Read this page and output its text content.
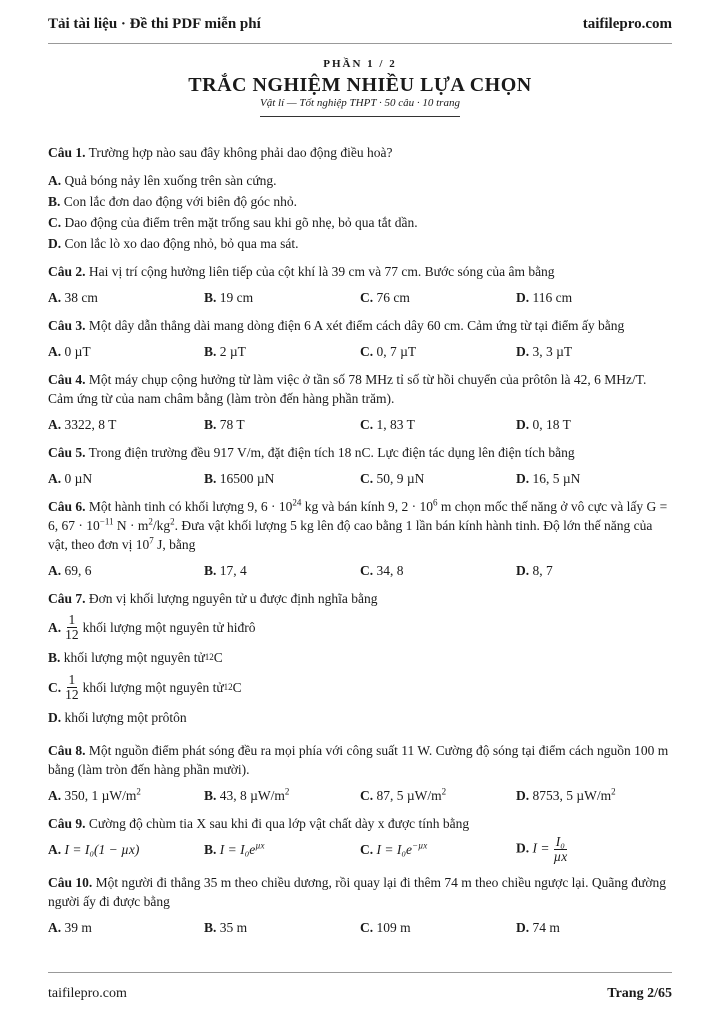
Tải tài liệu · Đề thi PDF miễn phí	taifilepro.com
PHẦN 1 / 2
TRẮC NGHIỆM NHIỀU LỰA CHỌN
Vật lí — Tốt nghiệp THPT · 50 câu · 10 trang

Câu 1. Trường hợp nào sau đây không phải dao động điều hoà?

A. Quả bóng nảy lên xuống trên sàn cứng.

B. Con lắc đơn dao động với biên độ góc nhỏ.

C. Dao động của điểm trên mặt trống sau khi gõ nhẹ, bỏ qua tắt dần.

D. Con lắc lò xo dao động nhỏ, bỏ qua ma sát.

Câu 2. Hai vị trí cộng hưởng liên tiếp của cột khí là 39 cm và 77 cm. Bước sóng của âm bằng

A. 38 cm	B. 19 cm	C. 76 cm	D. 116 cm

Câu 3. Một dây dẫn thẳng dài mang dòng điện 6 A xét điểm cách dây 60 cm. Cảm ứng từ tại điểm ấy bằng

A. 0 µT	B. 2 µT	C. 0, 7 µT	D. 3, 3 µT

Câu 4. Một máy chụp cộng hưởng từ làm việc ở tần số 78 MHz tỉ số từ hồi chuyển của prôtôn là 42, 6 MHz/T. Cảm ứng từ của nam châm bằng (làm tròn đến hàng phần trăm).

A. 3322, 8 T	B. 78 T	C. 1, 83 T	D. 0, 18 T

Câu 5. Trong điện trường đều 917 V/m, đặt điện tích 18 nC. Lực điện tác dụng lên điện tích bằng

A. 0 µN	B. 16500 µN	C. 50, 9 µN	D. 16, 5 µN

Câu 6. Một hành tinh có khối lượng 9, $6 \cdot 10^{24}$ kg và bán kính 9, $2 \cdot 10^6$ m chọn mốc thế năng ở vô cực và lấy G = 6, $67 \cdot 10^{-11}$ $N \cdot m^2/kg^2$. Đưa vật khối lượng 5 kg lên độ cao bằng 1 lần bán kính hành tinh. Độ lớn thế năng của vật, theo đơn vị $10^7$ J, bằng

A. 69, 6	B. 17, 4	C. 34, 8	D. 8, 7

Câu 7. Đơn vị khối lượng nguyên tử u được định nghĩa bằng

A. $\frac{1}{12}$ khối lượng một nguyên tử hiđrô
B.
khối lượng một nguyên tử 12 C
C. $\frac{1}{12}$ khối lượng một nguyên tử 12 C
D.
khối lượng một prôtôn

Câu 8. Một nguồn điểm phát sóng đều ra mọi phía với công suất 11 W. Cường độ sóng tại điểm cách nguồn 100 m bằng (làm tròn đến hàng phần mười).

A. 350, 1 $\mu W/m^2$	B. 43, 8 $\mu W/m^2$	C. 87, 5 $\mu W/m^2$	D. 8753, 5 $\mu W/m^2$

Câu 9. Cường độ chùm tia X sau khi đi qua lớp vật chất dày x được tính bằng

A. I = I₀(1 − µx)	B. $I = I_0e^{\mu x}$	C. $I = I_0e^{-\mu x}$	D. $I = \frac{\text{I₀}}{\text{µx}}$

Câu 10. Một người đi thẳng 35 m theo chiều dương, rồi quay lại đi thêm 74 m theo chiều ngược lại. Quãng đường người ấy đi được bằng

A. 39 m	B. 35 m	C. 109 m	D. 74 m
taifilepro.com	Trang 2/65
